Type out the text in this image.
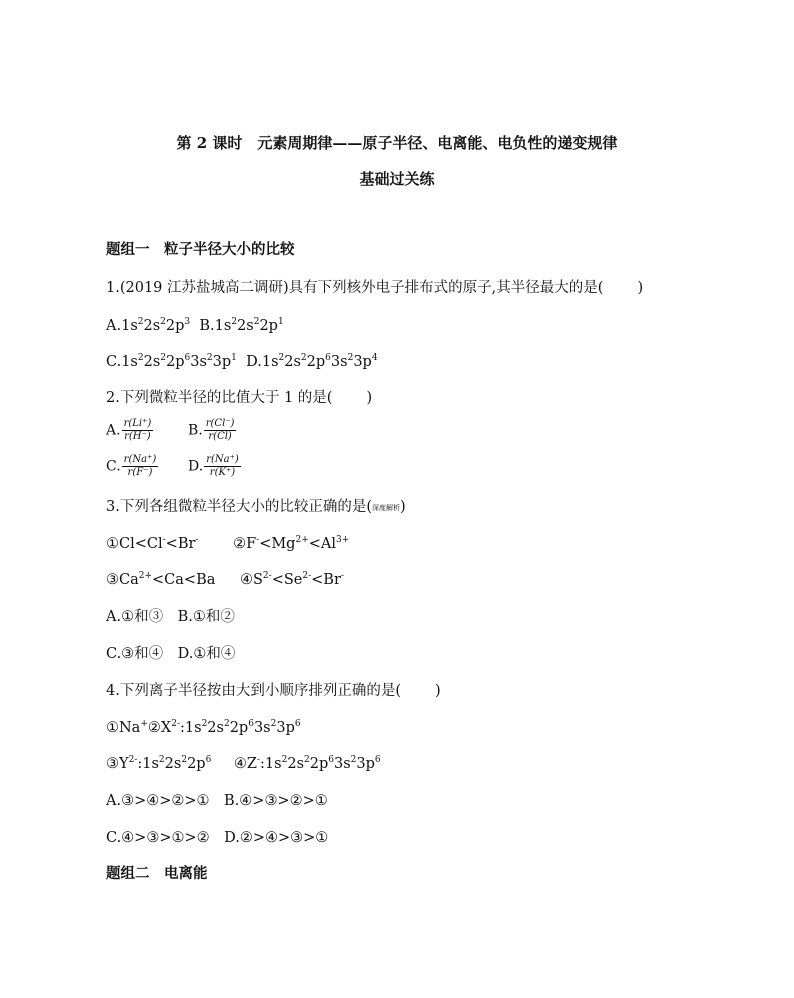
第 2 课时　元素周期律——原子半径、电离能、电负性的递变规律
基础过关练
题组一　粒子半径大小的比较
1.(2019 江苏盐城高二调研)具有下列核外电子排布式的原子,其半径最大的是( )
$A.1s^22s^22p^3$ $B.1s^22s^22p^1$
$C.1s^22s^22p^63s^23p^1$ $D.1s^22s^22p^63s^23p^4$
2.下列微粒半径的比值大于 1 的是( )
A. $\frac{r(Li^+)}{r(H^-)} B$. $\frac{r(Cl^-)}{r(Cl)}$
C. $\frac{r(Na^+)}{r(F^-)} D$. $\frac{r(Na^+)}{r(K^+)}$
3.下列各组微粒半径大小的比较正确的是(深度解析)
①Cl<Cl-<Br- $②F^-<Mg^{2+}<Al^{3+}$
$③Ca^{2+}<Ca<Ba$ $④S^{2-}<Se^{2-}<Br^-$
A.①和③　B.①和②
C.③和④　D.①和④
4.下列离子半径按由大到小顺序排列正确的是( )
$①Na^+②X^{2-}:1s^22s^22p^63s^23p^6$
$③Y^{2-}:1s^22s^22p^6$ $④Z^-:1s^22s^22p^63s^23p^6$
A.③>④>②>①　B.④>③>②>①
C.④>③>①>②　D.②>④>③>①
题组二　电离能
